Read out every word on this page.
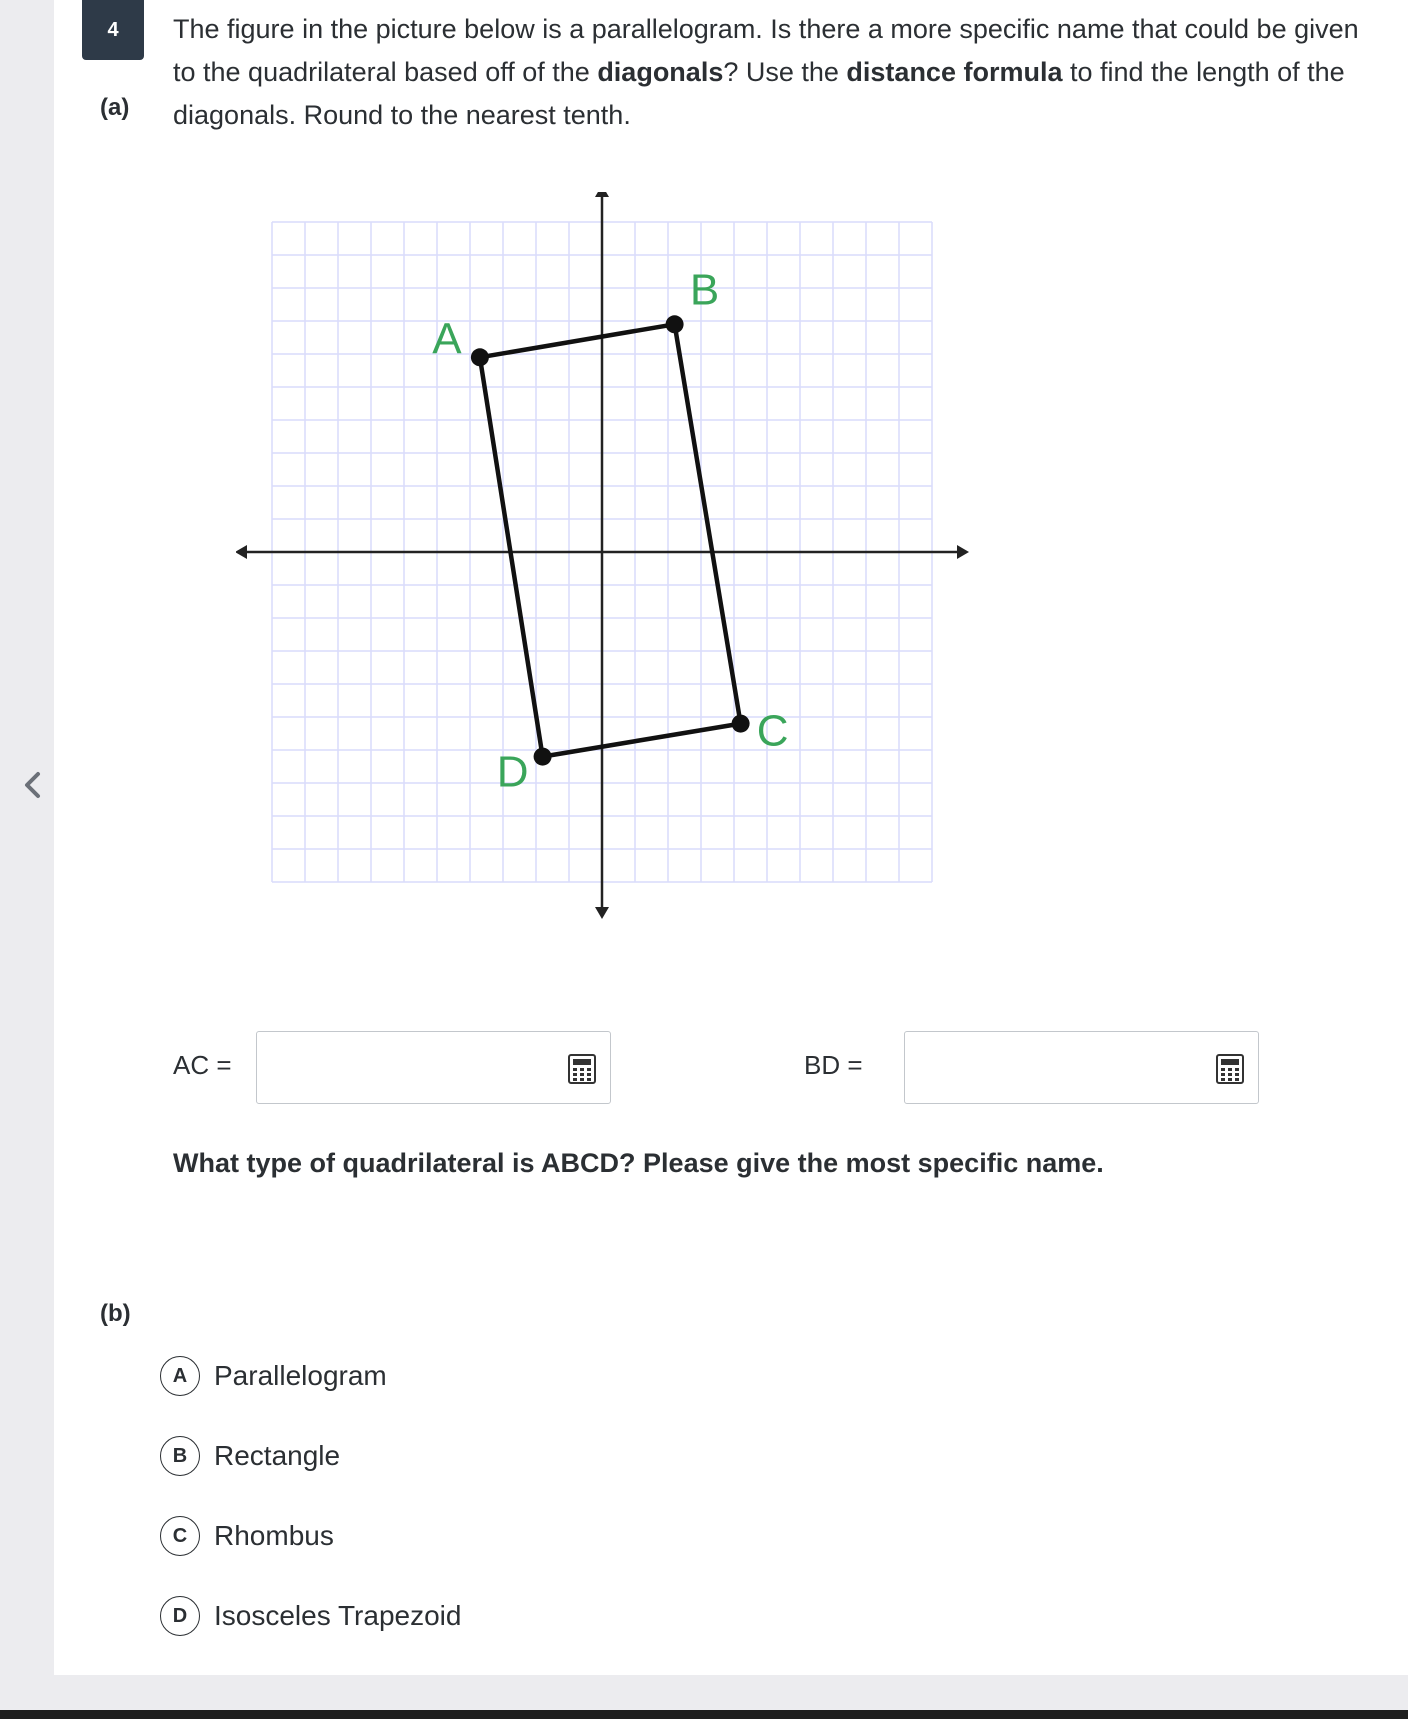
4
(a)
The figure in the picture below is a parallelogram. Is there a more specific name that could be given to the quadrilateral based off of the diagonals? Use the distance formula to find the length of the diagonals. Round to the nearest tenth.
A
B
C
D
AC =	BD =
What type of quadrilateral is ABCD? Please give the most specific name.
(b)
A Parallelogram
B Rectangle
C Rhombus
D Isosceles Trapezoid
